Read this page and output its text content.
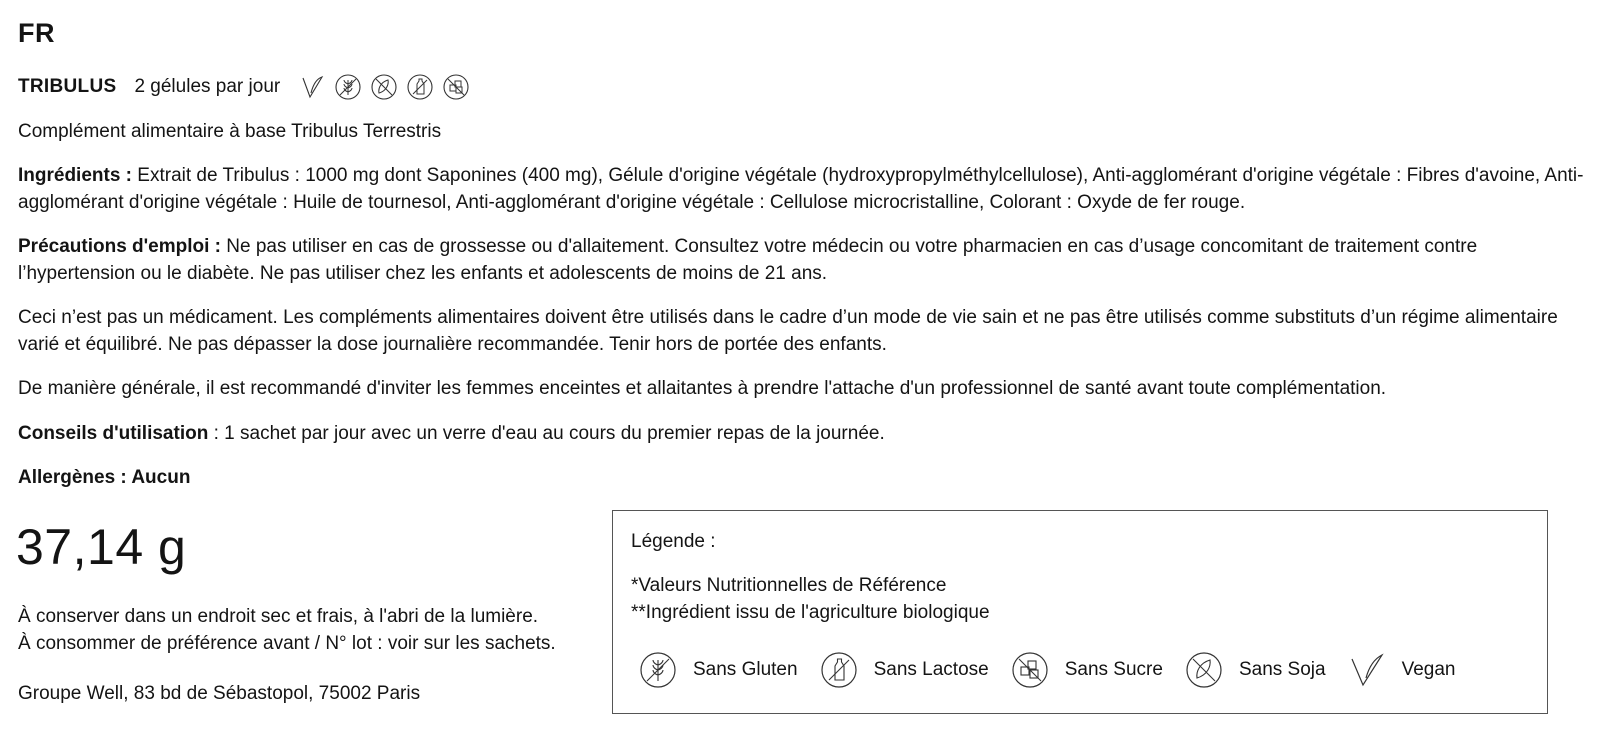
FR
TRIBULUS 2 gélules par jour
Complément alimentaire à base Tribulus Terrestris
Ingrédients : Extrait de Tribulus : 1000 mg dont Saponines (400 mg), Gélule d'origine végétale (hydroxypropylméthylcellulose), Anti-agglomérant d'origine végétale : Fibres d'avoine, Anti-agglomérant d'origine végétale : Huile de tournesol, Anti-agglomérant d'origine végétale : Cellulose microcristalline, Colorant : Oxyde de fer rouge.
Précautions d'emploi : Ne pas utiliser en cas de grossesse ou d'allaitement. Consultez votre médecin ou votre pharmacien en cas d’usage concomitant de traitement contre l’hypertension ou le diabète. Ne pas utiliser chez les enfants et adolescents de moins de 21 ans.
Ceci n’est pas un médicament. Les compléments alimentaires doivent être utilisés dans le cadre d’un mode de vie sain et ne pas être utilisés comme substituts d’un régime alimentaire varié et équilibré. Ne pas dépasser la dose journalière recommandée. Tenir hors de portée des enfants.
De manière générale, il est recommandé d'inviter les femmes enceintes et allaitantes à prendre l'attache d'un professionnel de santé avant toute complémentation.
Conseils d'utilisation : 1 sachet par jour avec un verre d'eau au cours du premier repas de la journée.
Allergènes : Aucun
37,14 g
À conserver dans un endroit sec et frais, à l'abri de la lumière.
À consommer de préférence avant / N° lot : voir sur les sachets.
Groupe Well, 83 bd de Sébastopol, 75002 Paris
Légende :
*Valeurs Nutritionnelles de Référence
**Ingrédient issu de l'agriculture biologique
Sans Gluten	Sans Lactose	Sans Sucre	Sans Soja	Vegan
